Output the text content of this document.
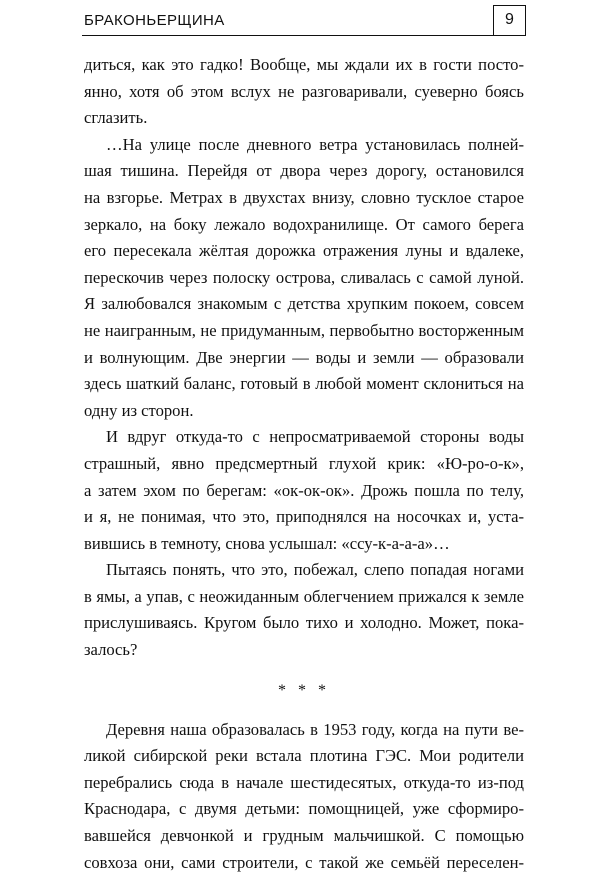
БРАКОНЬЕРЩИНА	9
диться, как это гадко! Вообще, мы ждали их в гости посто-
янно, хотя об этом вслух не разговаривали, суеверно боясь
сглазить.
…На улице после дневного ветра установилась полней-
шая тишина. Перейдя от двора через дорогу, остановился
на взгорье. Метрах в двухстах внизу, словно тусклое старое
зеркало, на боку лежало водохранилище. От самого берега
его пересекала жёлтая дорожка отражения луны и вдалеке,
перескочив через полоску острова, сливалась с самой луной.
Я залюбовался знакомым с детства хрупким покоем, совсем
не наигранным, не придуманным, первобытно восторженным
и волнующим. Две энергии — воды и земли — образовали
здесь шаткий баланс, готовый в любой момент склониться на
одну из сторон.
И вдруг откуда-то с непросматриваемой стороны воды
страшный, явно предсмертный глухой крик: «Ю-ро-о-к»,
а затем эхом по берегам: «ок-ок-ок». Дрожь пошла по телу,
и я, не понимая, что это, приподнялся на носочках и, уста-
вившись в темноту, снова услышал: «ссу-к-а-а-а»…
Пытаясь понять, что это, побежал, слепо попадая ногами
в ямы, а упав, с неожиданным облегчением прижался к земле
прислушиваясь. Кругом было тихо и холодно. Может, пока-
залось?
* * *
Деревня наша образовалась в 1953 году, когда на пути ве-
ликой сибирской реки встала плотина ГЭС. Мои родители
перебрались сюда в начале шестидесятых, откуда-то из-под
Краснодара, с двумя детьми: помощницей, уже сформиро-
вавшейся девчонкой и грудным мальчишкой. С помощью
совхоза они, сами строители, с такой же семьёй переселен-
